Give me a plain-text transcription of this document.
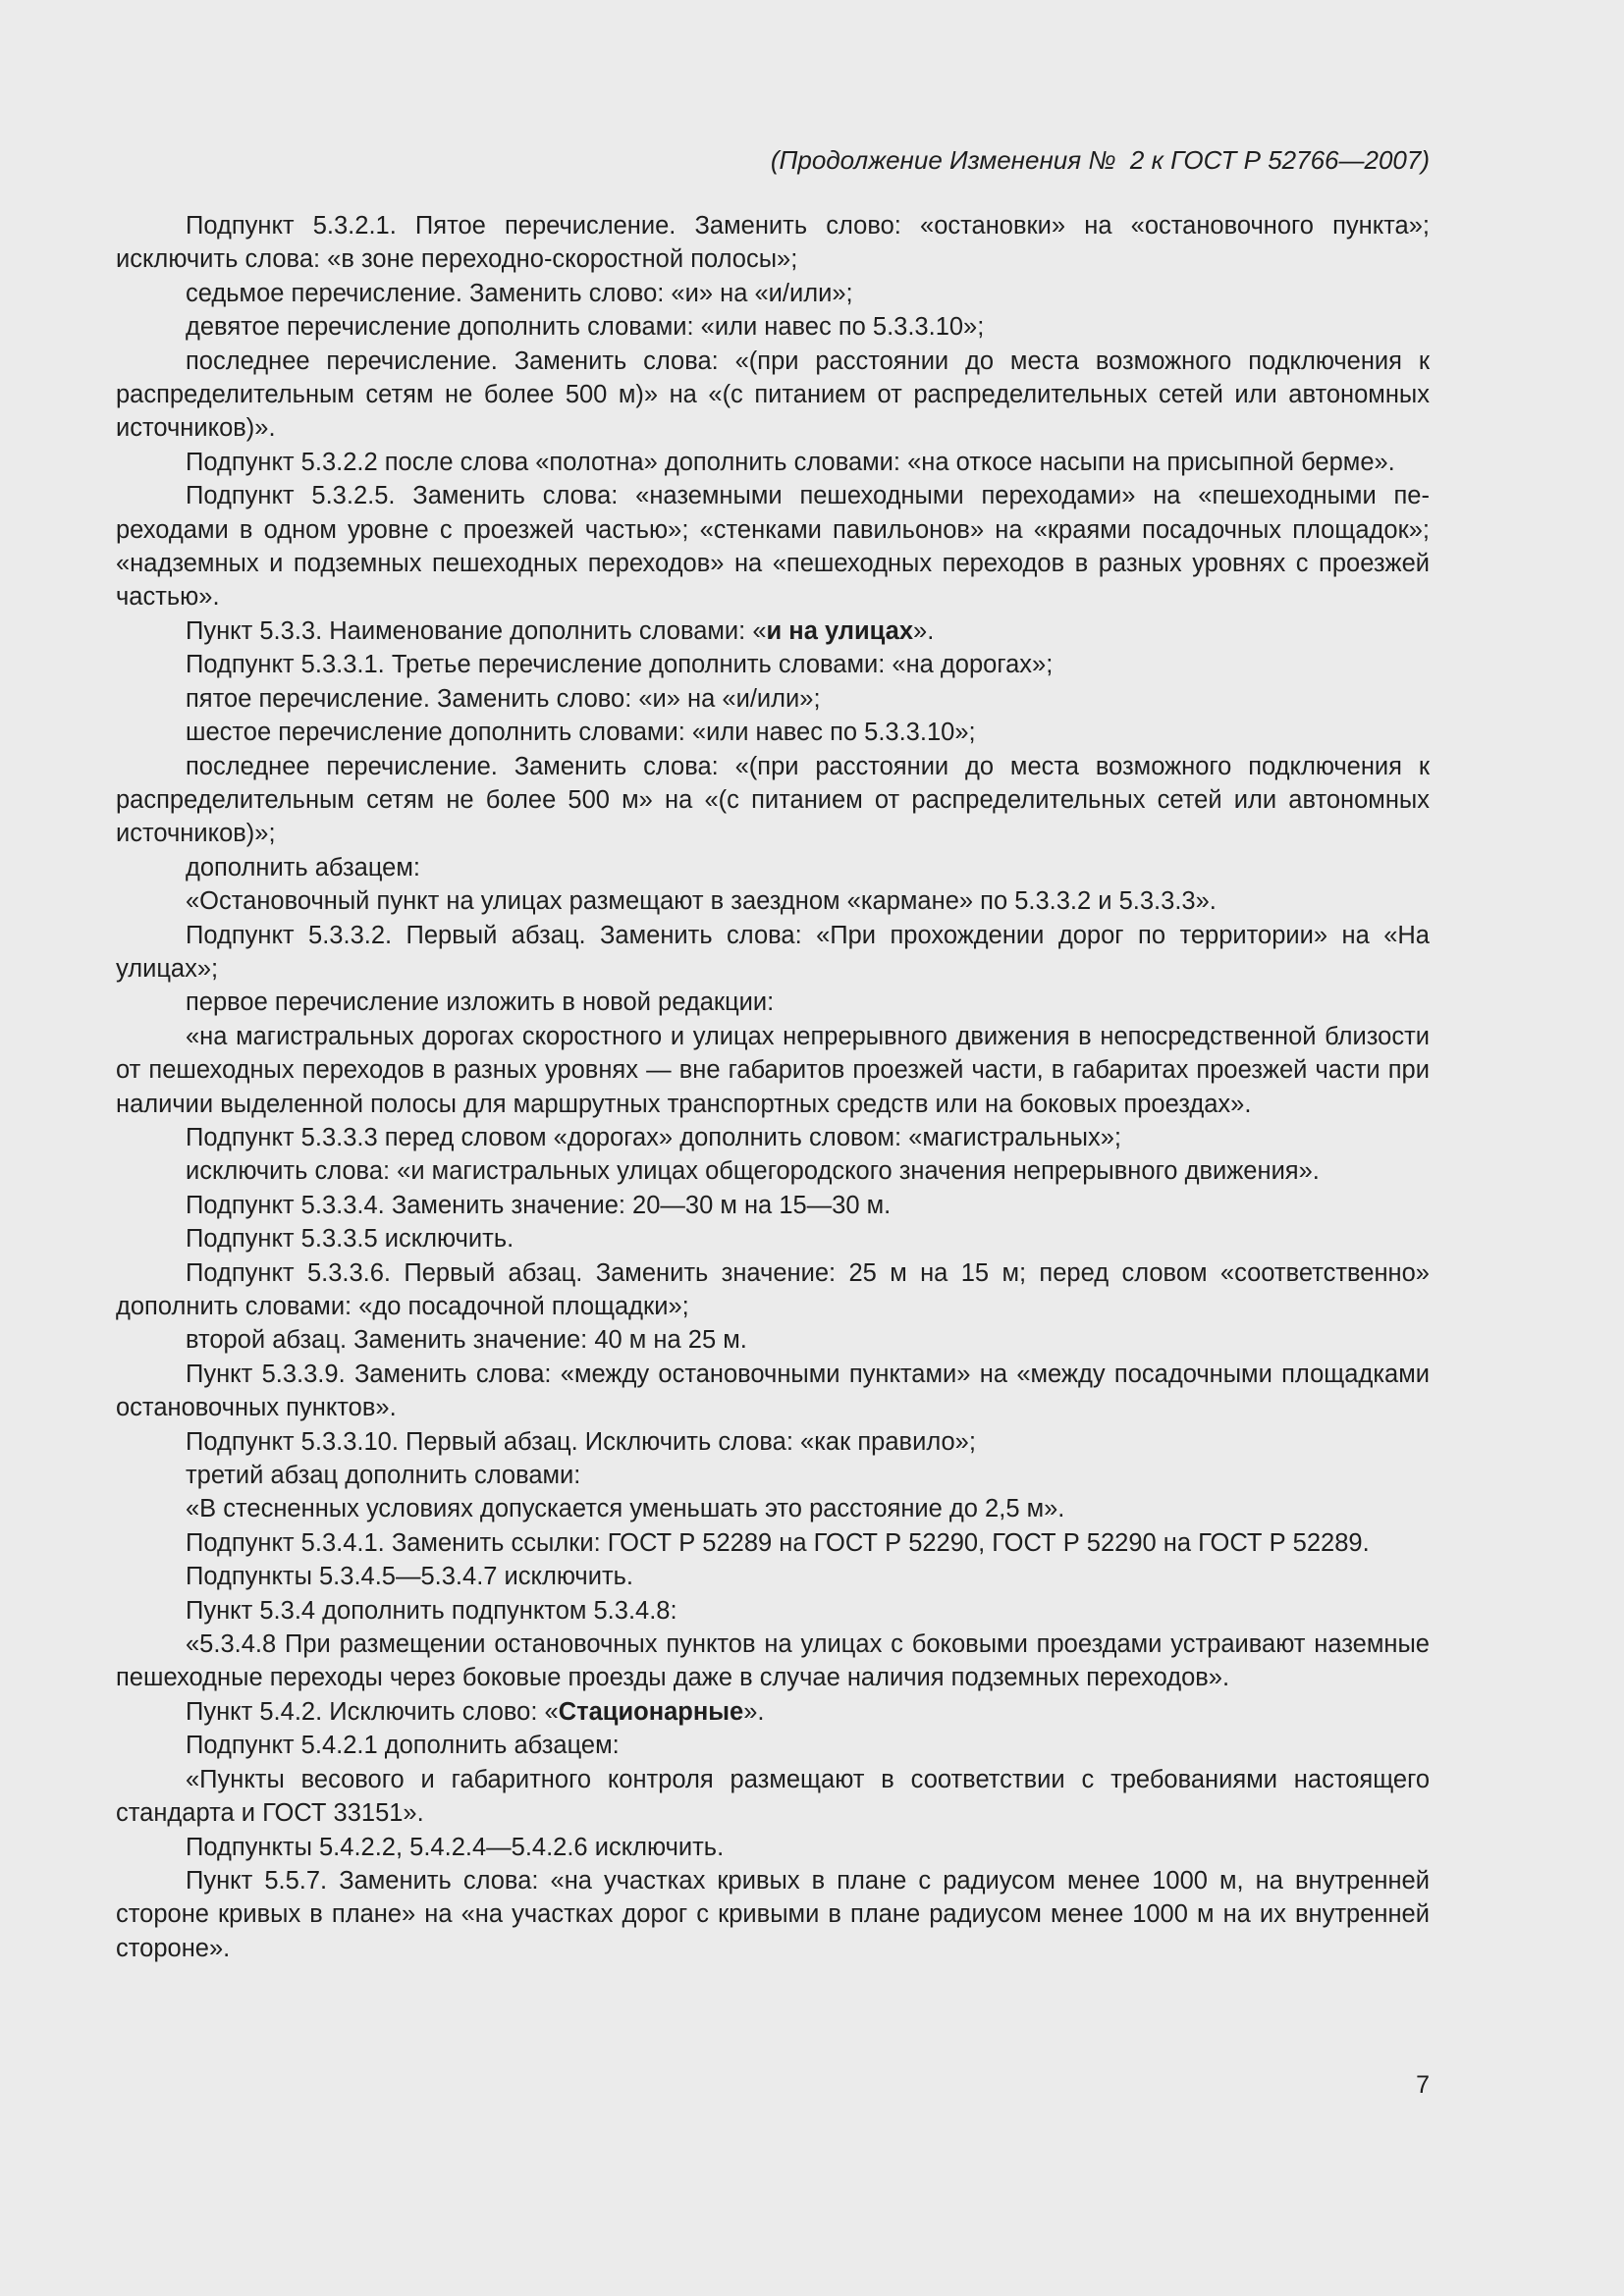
(Продолжение Изменения №  2 к ГОСТ Р 52766—2007)

Подпункт 5.3.2.1. Пятое перечисление. Заменить слово: «остановки» на «остановочного пункта»; исключить слова: «в зоне переходно-скоростной полосы»;

седьмое перечисление. Заменить слово: «и» на «и/или»;

девятое перечисление дополнить словами: «или навес по 5.3.3.10»;

последнее перечисление. Заменить слова: «(при расстоянии до места возможного подключения к распределительным сетям не более 500 м)» на «(с питанием от распределительных сетей или автономных источников)».

Подпункт 5.3.2.2 после слова «полотна» дополнить словами: «на откосе насыпи на присыпной берме».

Подпункт 5.3.2.5. Заменить слова: «наземными пешеходными переходами» на «пешеходными переходами в одном уровне с проезжей частью»; «стенками павильонов» на «краями посадочных площадок»; «надземных и подземных пешеходных переходов» на «пешеходных переходов в разных уровнях с проезжей частью».

Пункт 5.3.3. Наименование дополнить словами: «и на улицах».

Подпункт 5.3.3.1. Третье перечисление дополнить словами: «на дорогах»;

пятое перечисление. Заменить слово: «и» на «и/или»;

шестое перечисление дополнить словами: «или навес по 5.3.3.10»;

последнее перечисление. Заменить слова: «(при расстоянии до места возможного подключения к распределительным сетям не более 500 м» на «(с питанием от распределительных сетей или автономных источников)»;

дополнить абзацем:

«Остановочный пункт на улицах размещают в заездном «кармане» по 5.3.3.2 и 5.3.3.3».

Подпункт 5.3.3.2. Первый абзац. Заменить слова: «При прохождении дорог по территории» на «На улицах»;

первое перечисление изложить в новой редакции:

«на магистральных дорогах скоростного и улицах непрерывного движения в непосредственной близости от пешеходных переходов в разных уровнях — вне габаритов проезжей части, в габаритах проезжей части при наличии выделенной полосы для маршрутных транспортных средств или на боковых проездах».

Подпункт 5.3.3.3 перед словом «дорогах» дополнить словом: «магистральных»;

исключить слова: «и магистральных улицах общегородского значения непрерывного движения».

Подпункт 5.3.3.4. Заменить значение: 20—30 м на 15—30 м.

Подпункт 5.3.3.5 исключить.

Подпункт 5.3.3.6. Первый абзац. Заменить значение: 25 м на 15 м; перед словом «соответственно» дополнить словами: «до посадочной площадки»;

второй абзац. Заменить значение: 40 м на 25 м.

Пункт 5.3.3.9. Заменить слова: «между остановочными пунктами» на «между посадочными площадками остановочных пунктов».

Подпункт 5.3.3.10. Первый абзац. Исключить слова: «как правило»;

третий абзац дополнить словами:

«В стесненных условиях допускается уменьшать это расстояние до 2,5 м».

Подпункт 5.3.4.1. Заменить ссылки: ГОСТ Р 52289 на ГОСТ Р 52290, ГОСТ Р 52290 на ГОСТ Р 52289.

Подпункты 5.3.4.5—5.3.4.7 исключить.

Пункт 5.3.4 дополнить подпунктом 5.3.4.8:

«5.3.4.8 При размещении остановочных пунктов на улицах с боковыми проездами устраивают наземные пешеходные переходы через боковые проезды даже в случае наличия подземных переходов».

Пункт 5.4.2. Исключить слово: «Стационарные».

Подпункт 5.4.2.1 дополнить абзацем:

«Пункты весового и габаритного контроля размещают в соответствии с требованиями настоящего стандарта и ГОСТ 33151».

Подпункты 5.4.2.2, 5.4.2.4—5.4.2.6 исключить.

Пункт 5.5.7. Заменить слова: «на участках кривых в плане с радиусом менее 1000 м, на внутренней стороне кривых в плане» на «на участках дорог с кривыми в плане радиусом менее 1000 м на их внутренней стороне».

7
